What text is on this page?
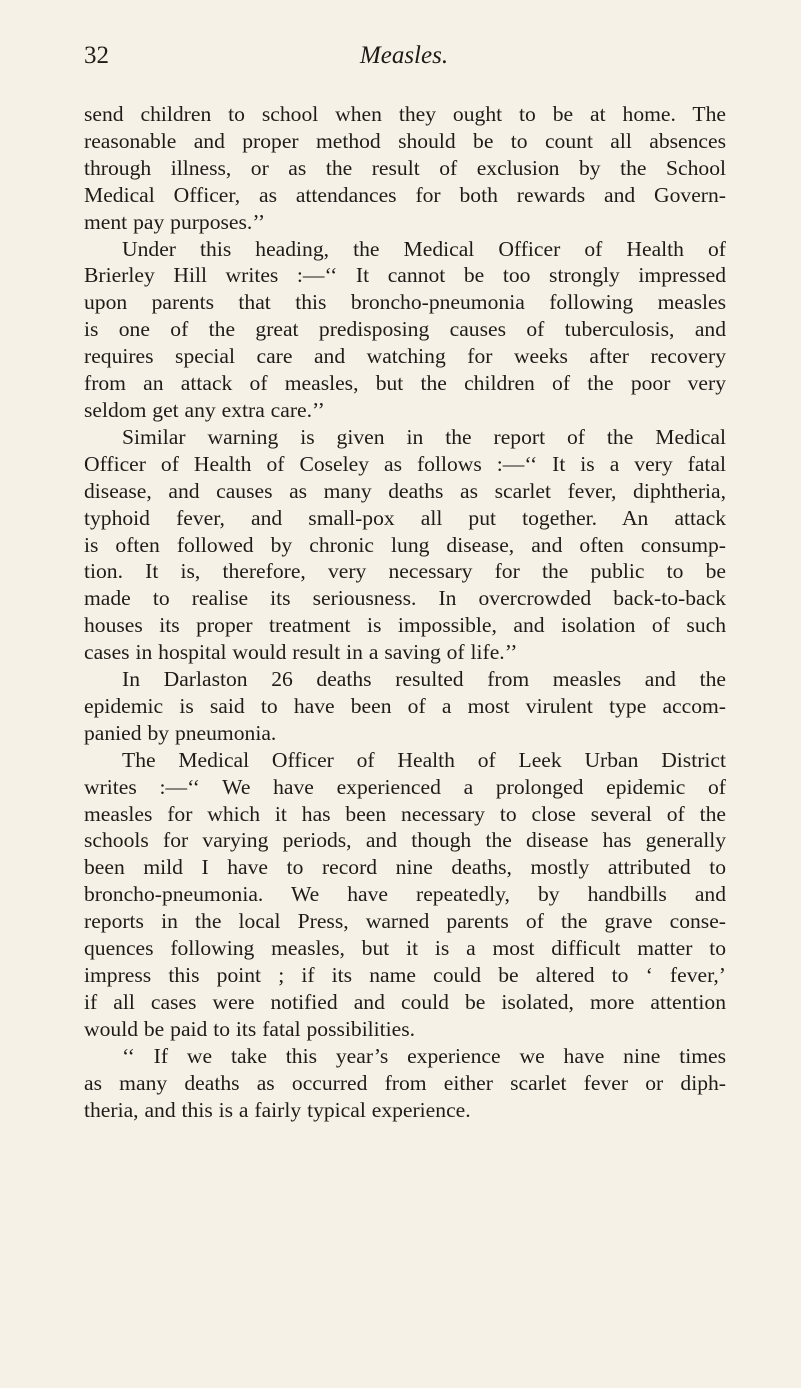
32	Measles.
send children to school when they ought to be at home. The
reasonable and proper method should be to count all absences
through illness, or as the result of exclusion by the School
Medical Officer, as attendances for both rewards and Govern-
ment pay purposes.’’
Under this heading, the Medical Officer of Health of
Brierley Hill writes :—‘‘ It cannot be too strongly impressed
upon parents that this broncho-pneumonia following measles
is one of the great predisposing causes of tuberculosis, and
requires special care and watching for weeks after recovery
from an attack of measles, but the children of the poor very
seldom get any extra care.’’
Similar warning is given in the report of the Medical
Officer of Health of Coseley as follows :—‘‘ It is a very fatal
disease, and causes as many deaths as scarlet fever, diphtheria,
typhoid fever, and small-pox all put together. An attack
is often followed by chronic lung disease, and often consump-
tion. It is, therefore, very necessary for the public to be
made to realise its seriousness. In overcrowded back-to-back
houses its proper treatment is impossible, and isolation of such
cases in hospital would result in a saving of life.’’
In Darlaston 26 deaths resulted from measles and the
epidemic is said to have been of a most virulent type accom-
panied by pneumonia.
The Medical Officer of Health of Leek Urban District
writes :—‘‘ We have experienced a prolonged epidemic of
measles for which it has been necessary to close several of the
schools for varying periods, and though the disease has generally
been mild I have to record nine deaths, mostly attributed to
broncho-pneumonia. We have repeatedly, by handbills and
reports in the local Press, warned parents of the grave conse-
quences following measles, but it is a most difficult matter to
impress this point ; if its name could be altered to ‘ fever,’
if all cases were notified and could be isolated, more attention
would be paid to its fatal possibilities.
‘‘ If we take this year’s experience we have nine times
as many deaths as occurred from either scarlet fever or diph-
theria, and this is a fairly typical experience.
